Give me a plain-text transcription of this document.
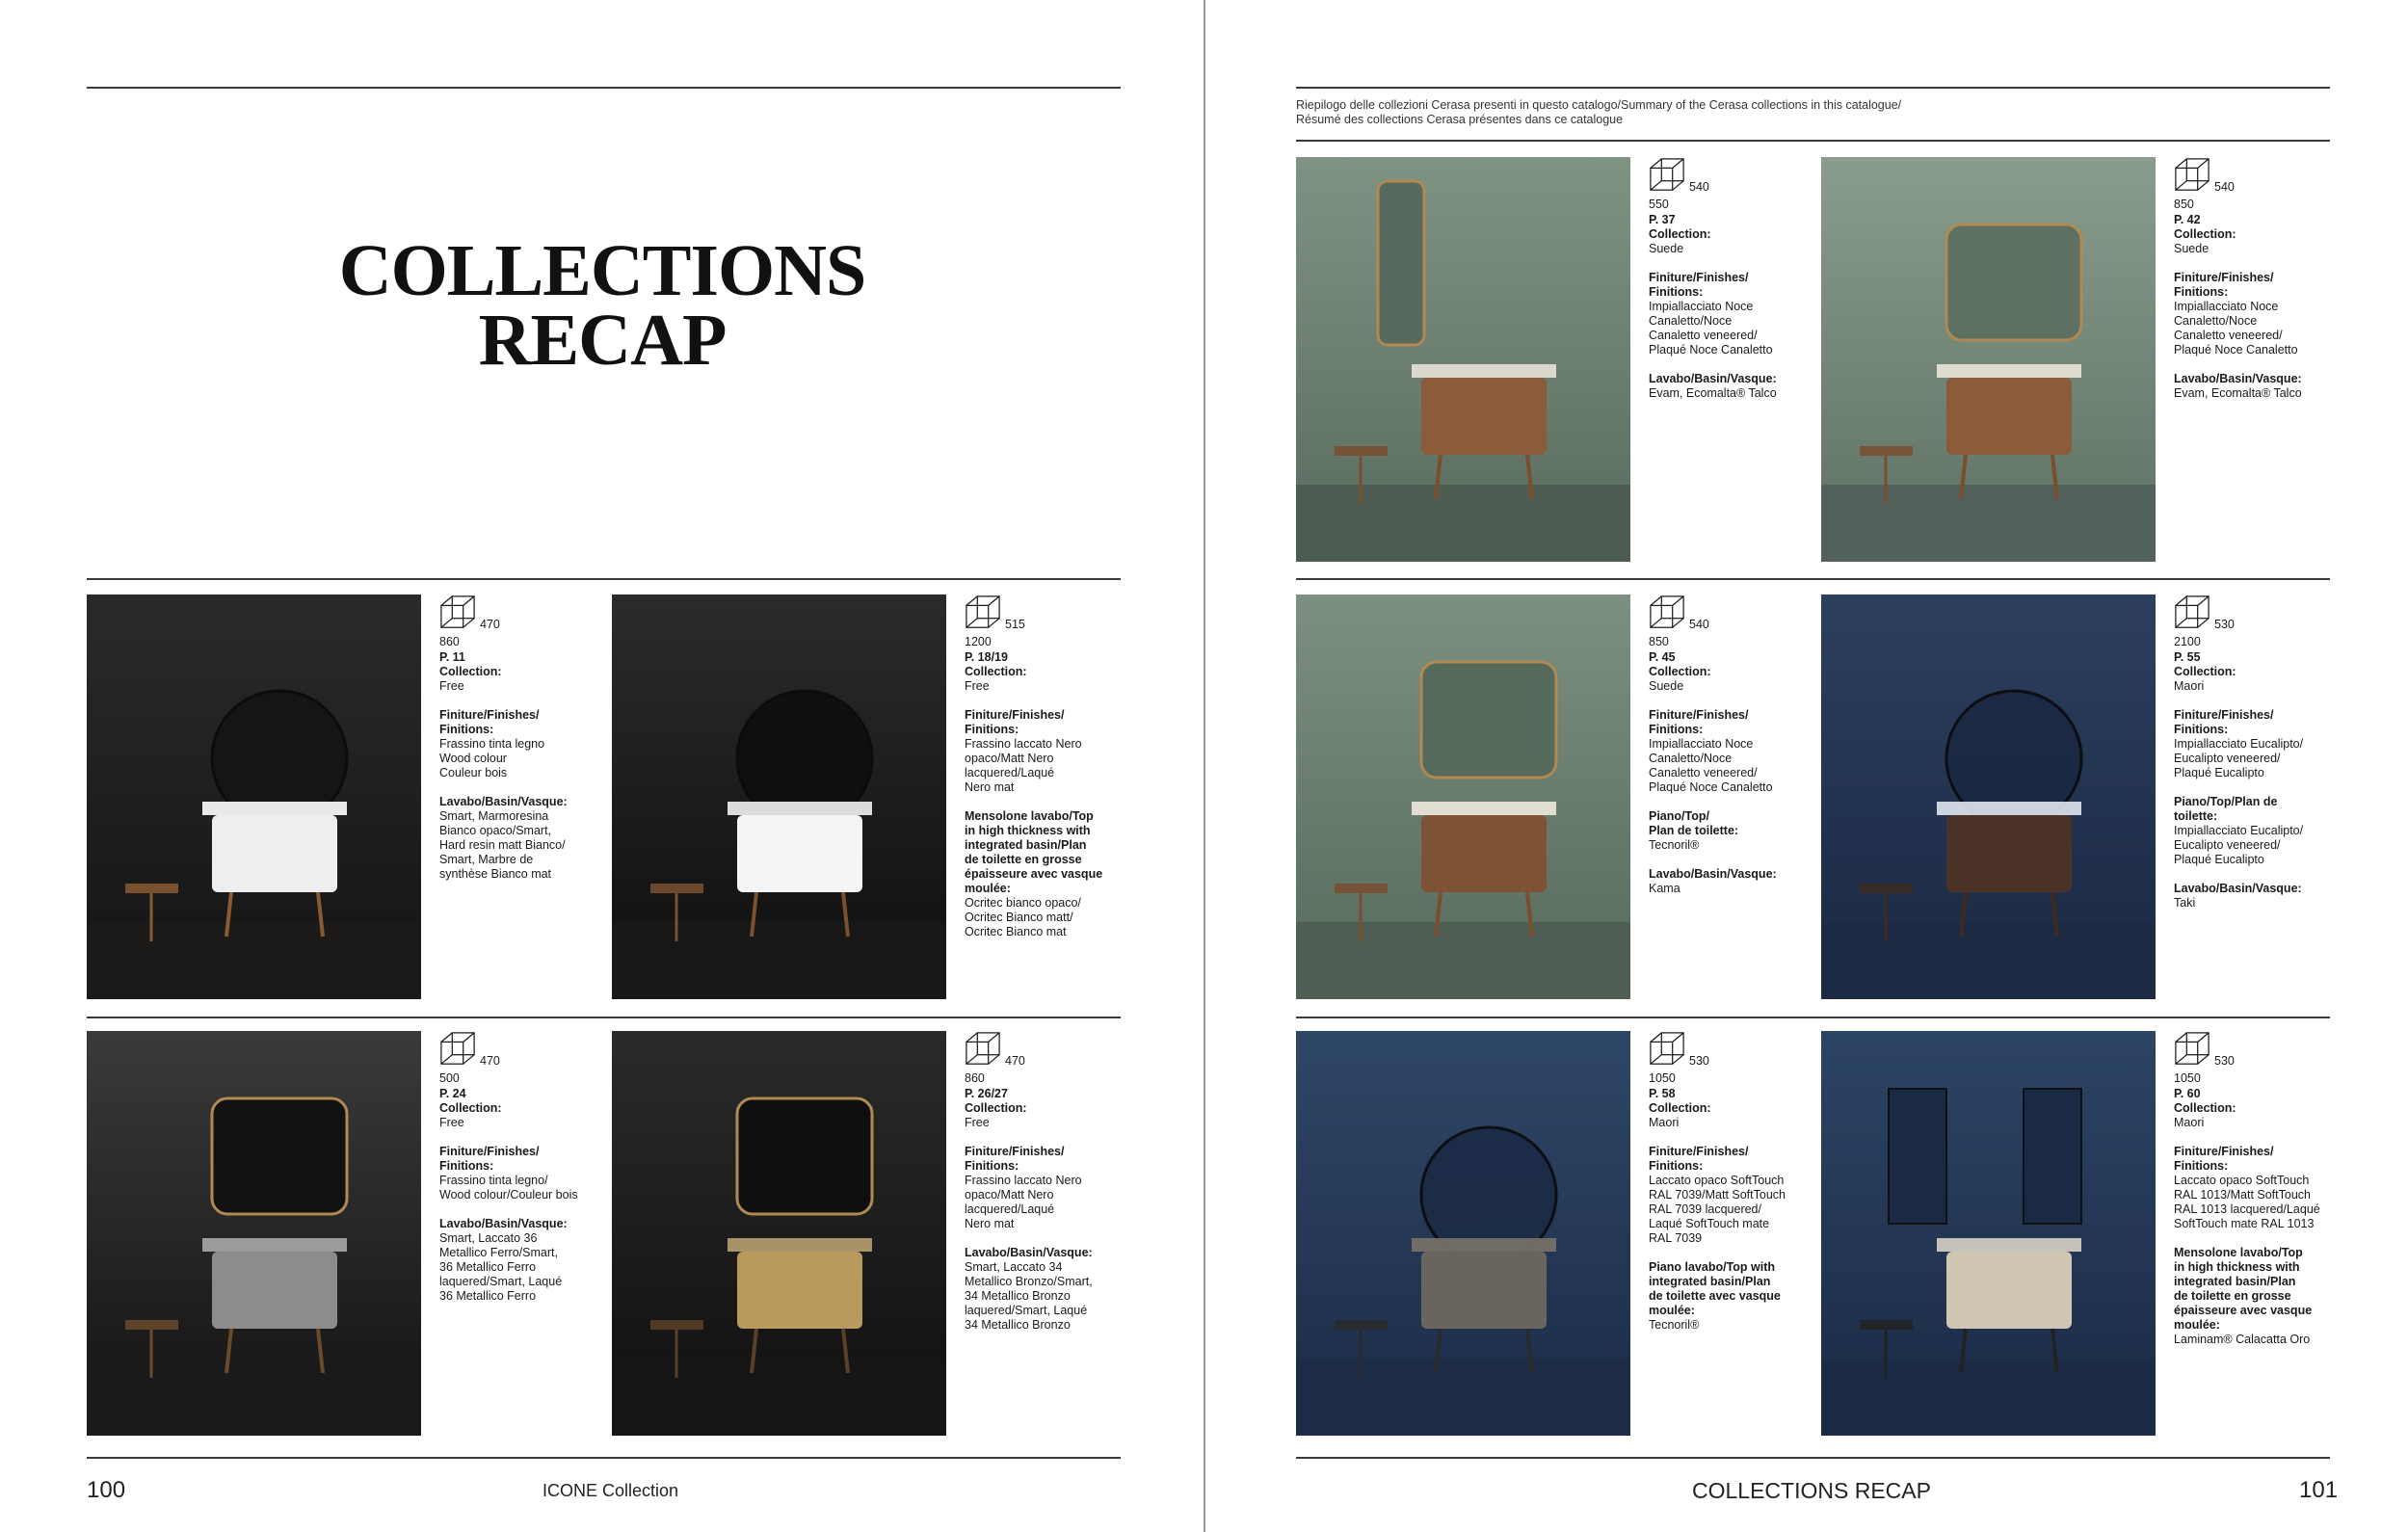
COLLECTIONS
RECAP
Riepilogo delle collezioni Cerasa presenti in questo catalogo/Summary of the Cerasa collections in this catalogue/
Résumé des collections Cerasa présentes dans ce catalogue
470
860
P. 11
Collection:
Free
Finiture/Finishes/
Finitions:
Frassino tinta legno
Wood colour
Couleur bois
Lavabo/Basin/Vasque:
Smart, Marmoresina
Bianco opaco/Smart,
Hard resin matt Bianco/
Smart, Marbre de
synthèse Bianco mat
515
1200
P. 18/19
Collection:
Free
Finiture/Finishes/
Finitions:
Frassino laccato Nero
opaco/Matt Nero
lacquered/Laqué
Nero mat
Mensolone lavabo/Top
in high thickness with
integrated basin/Plan
de toilette en grosse
épaisseure avec vasque
moulée:
Ocritec bianco opaco/
Ocritec Bianco matt/
Ocritec Bianco mat
470
500
P. 24
Collection:
Free
Finiture/Finishes/
Finitions:
Frassino tinta legno/
Wood colour/Couleur bois
Lavabo/Basin/Vasque:
Smart, Laccato 36
Metallico Ferro/Smart,
36 Metallico Ferro
laquered/Smart, Laqué
36 Metallico Ferro
470
860
P. 26/27
Collection:
Free
Finiture/Finishes/
Finitions:
Frassino laccato Nero
opaco/Matt Nero
lacquered/Laqué
Nero mat
Lavabo/Basin/Vasque:
Smart, Laccato 34
Metallico Bronzo/Smart,
34 Metallico Bronzo
laquered/Smart, Laqué
34 Metallico Bronzo
540
550
P. 37
Collection:
Suede
Finiture/Finishes/
Finitions:
Impiallacciato Noce
Canaletto/Noce
Canaletto veneered/
Plaqué Noce Canaletto
Lavabo/Basin/Vasque:
Evam, Ecomalta® Talco
540
850
P. 42
Collection:
Suede
Finiture/Finishes/
Finitions:
Impiallacciato Noce
Canaletto/Noce
Canaletto veneered/
Plaqué Noce Canaletto
Lavabo/Basin/Vasque:
Evam, Ecomalta® Talco
540
850
P. 45
Collection:
Suede
Finiture/Finishes/
Finitions:
Impiallacciato Noce
Canaletto/Noce
Canaletto veneered/
Plaqué Noce Canaletto
Piano/Top/
Plan de toilette:
Tecnoril®
Lavabo/Basin/Vasque:
Kama
530
2100
P. 55
Collection:
Maori
Finiture/Finishes/
Finitions:
Impiallacciato Eucalipto/
Eucalipto veneered/
Plaqué Eucalipto
Piano/Top/Plan de
toilette:
Impiallacciato Eucalipto/
Eucalipto veneered/
Plaqué Eucalipto
Lavabo/Basin/Vasque:
Taki
530
1050
P. 58
Collection:
Maori
Finiture/Finishes/
Finitions:
Laccato opaco SoftTouch
RAL 7039/Matt SoftTouch
RAL 7039 lacquered/
Laqué SoftTouch mate
RAL 7039
Piano lavabo/Top with
integrated basin/Plan
de toilette avec vasque
moulée:
Tecnoril®
530
1050
P. 60
Collection:
Maori
Finiture/Finishes/
Finitions:
Laccato opaco SoftTouch
RAL 1013/Matt SoftTouch
RAL 1013 lacquered/Laqué
SoftTouch mate RAL 1013
Mensolone lavabo/Top
in high thickness with
integrated basin/Plan
de toilette en grosse
épaisseure avec vasque
moulée:
Laminam® Calacatta Oro
100	ICONE Collection	COLLECTIONS RECAP	101
